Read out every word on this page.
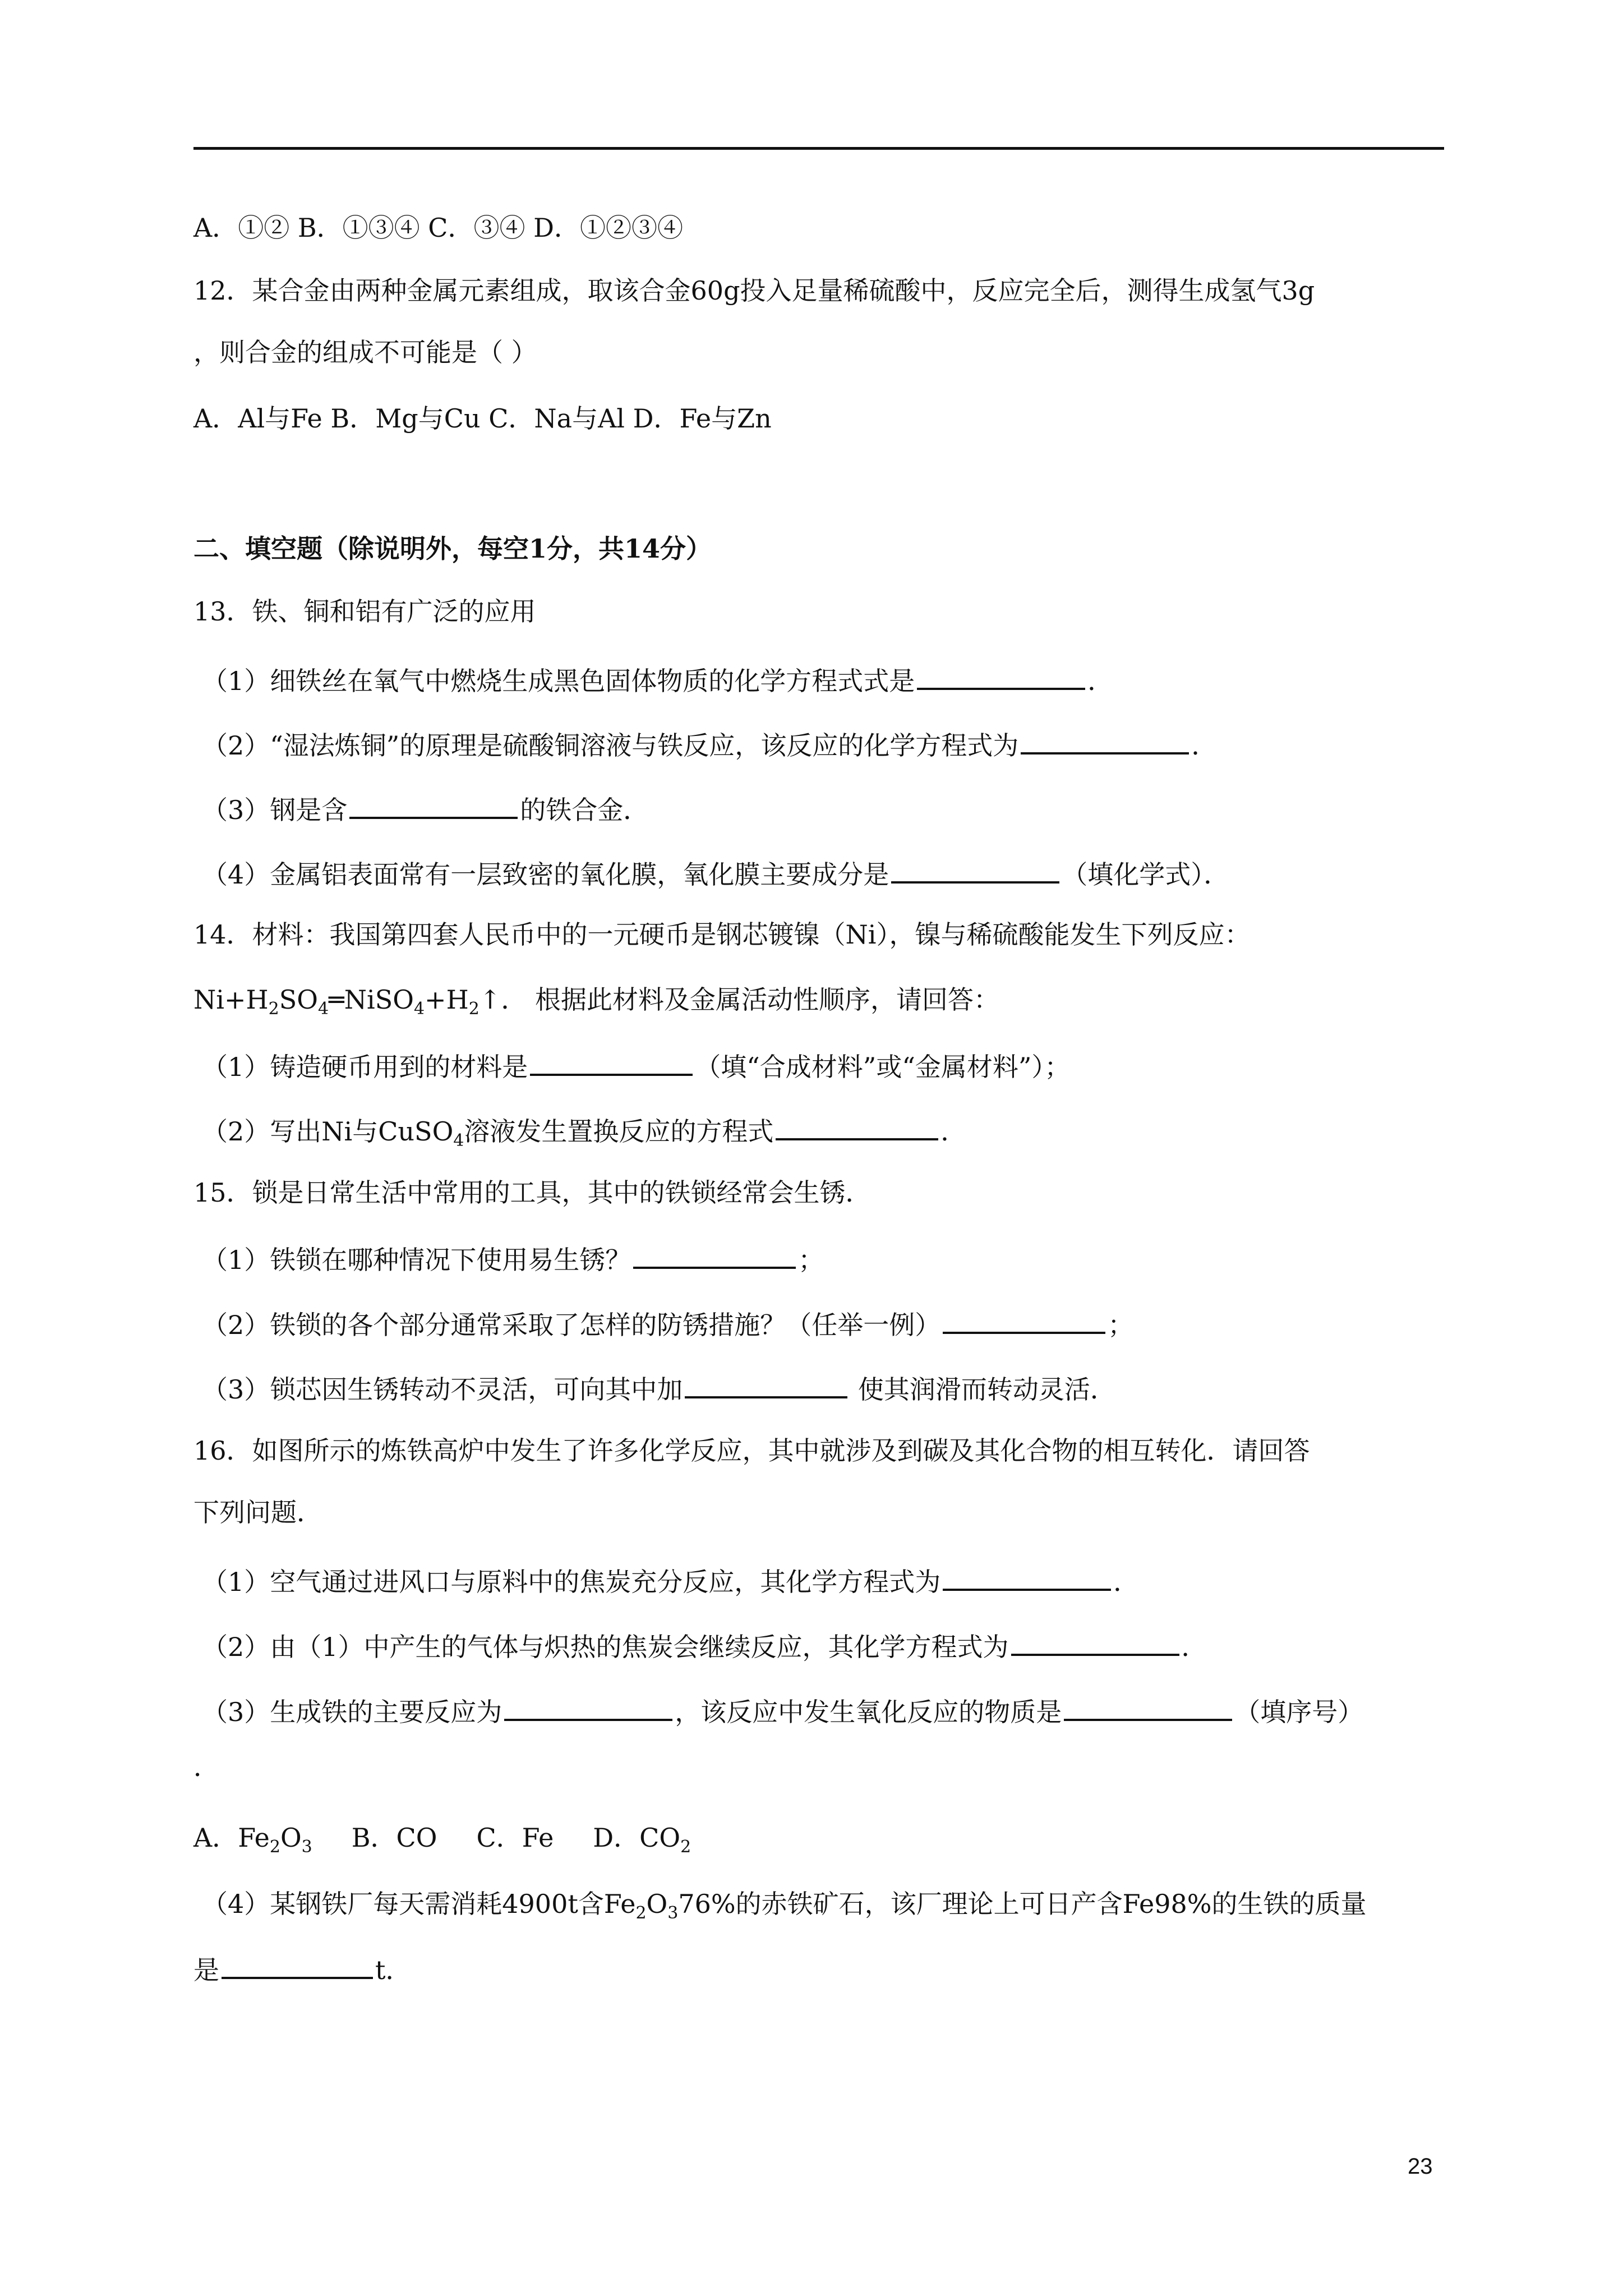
A．①② B．①③④ C．③④ D．①②③④
12．某合金由两种金属元素组成，取该合金60g投入足量稀硫酸中，反应完全后，测得生成氢气3g
，则合金的组成不可能是（ ）
A．Al与Fe B．Mg与Cu C．Na与Al D．Fe与Zn
二、填空题（除说明外，每空1分，共14分）
13．铁、铜和铝有广泛的应用
（1）细铁丝在氧气中燃烧生成黑色固体物质的化学方程式式是	．
（2）“湿法炼铜”的原理是硫酸铜溶液与铁反应，该反应的化学方程式为	．
（3）钢是含	的铁合金．
（4）金属铝表面常有一层致密的氧化膜，氧化膜主要成分是	（填化学式）．
14．材料：我国第四套人民币中的一元硬币是钢芯镀镍（Ni），镍与稀硫酸能发生下列反应：
$Ni+H_2SO_4═NiSO_4+H_2↑$． 根据此材料及金属活动性顺序，请回答：
（1）铸造硬币用到的材料是	（填“合成材料”或“金属材料”）；
（2）写出Ni与CuSO$_4$溶液发生置换反应的方程式	．
15．锁是日常生活中常用的工具，其中的铁锁经常会生锈．
（1）铁锁在哪种情况下使用易生锈？	；
（2）铁锁的各个部分通常采取了怎样的防锈措施？（任举一例）	；
（3）锁芯因生锈转动不灵活，可向其中加	使其润滑而转动灵活．
16．如图所示的炼铁高炉中发生了许多化学反应，其中就涉及到碳及其化合物的相互转化．请回答
下列问题．
（1）空气通过进风口与原料中的焦炭充分反应，其化学方程式为	．
（2）由（1）中产生的气体与炽热的焦炭会继续反应，其化学方程式为	．
（3）生成铁的主要反应为	，该反应中发生氧化反应的物质是	（填序号）
．
A．$Fe_2O_3$ B．CO C．Fe D．$CO_2$
（4）某钢铁厂每天需消耗4900t含$Fe_2O_376\%$的赤铁矿石，该厂理论上可日产含Fe98%的生铁的质量
是	t．
23
